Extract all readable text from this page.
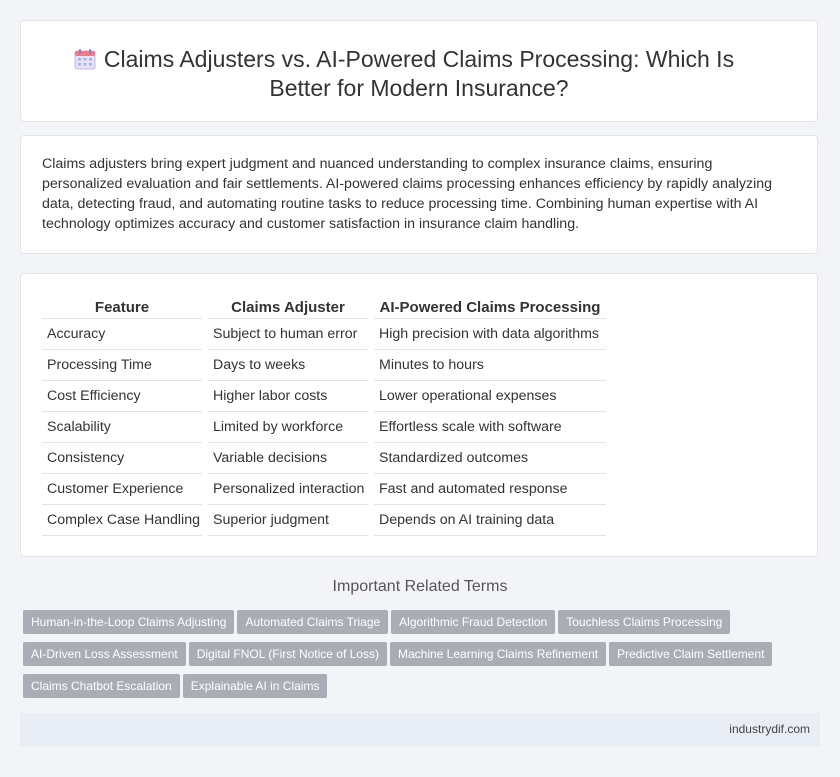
Claims Adjusters vs. AI-Powered Claims Processing: Which Is Better for Modern Insurance?

Claims adjusters bring expert judgment and nuanced understanding to complex insurance claims, ensuring personalized evaluation and fair settlements. AI-powered claims processing enhances efficiency by rapidly analyzing data, detecting fraud, and automating routine tasks to reduce processing time. Combining human expertise with AI technology optimizes accuracy and customer satisfaction in insurance claim handling.

Feature	Claims Adjuster	AI-Powered Claims Processing
Accuracy	Subject to human error	High precision with data algorithms
Processing Time	Days to weeks	Minutes to hours
Cost Efficiency	Higher labor costs	Lower operational expenses
Scalability	Limited by workforce	Effortless scale with software
Consistency	Variable decisions	Standardized outcomes
Customer Experience	Personalized interaction	Fast and automated response
Complex Case Handling	Superior judgment	Depends on AI training data
Important Related Terms
Human-in-the-Loop Claims Adjusting Automated Claims Triage Algorithmic Fraud Detection Touchless Claims ProcessingAI-Driven Loss Assessment Digital FNOL (First Notice of Loss) Machine Learning Claims Refinement Predictive Claim SettlementClaims Chatbot Escalation Explainable AI in Claims
industrydif.com
